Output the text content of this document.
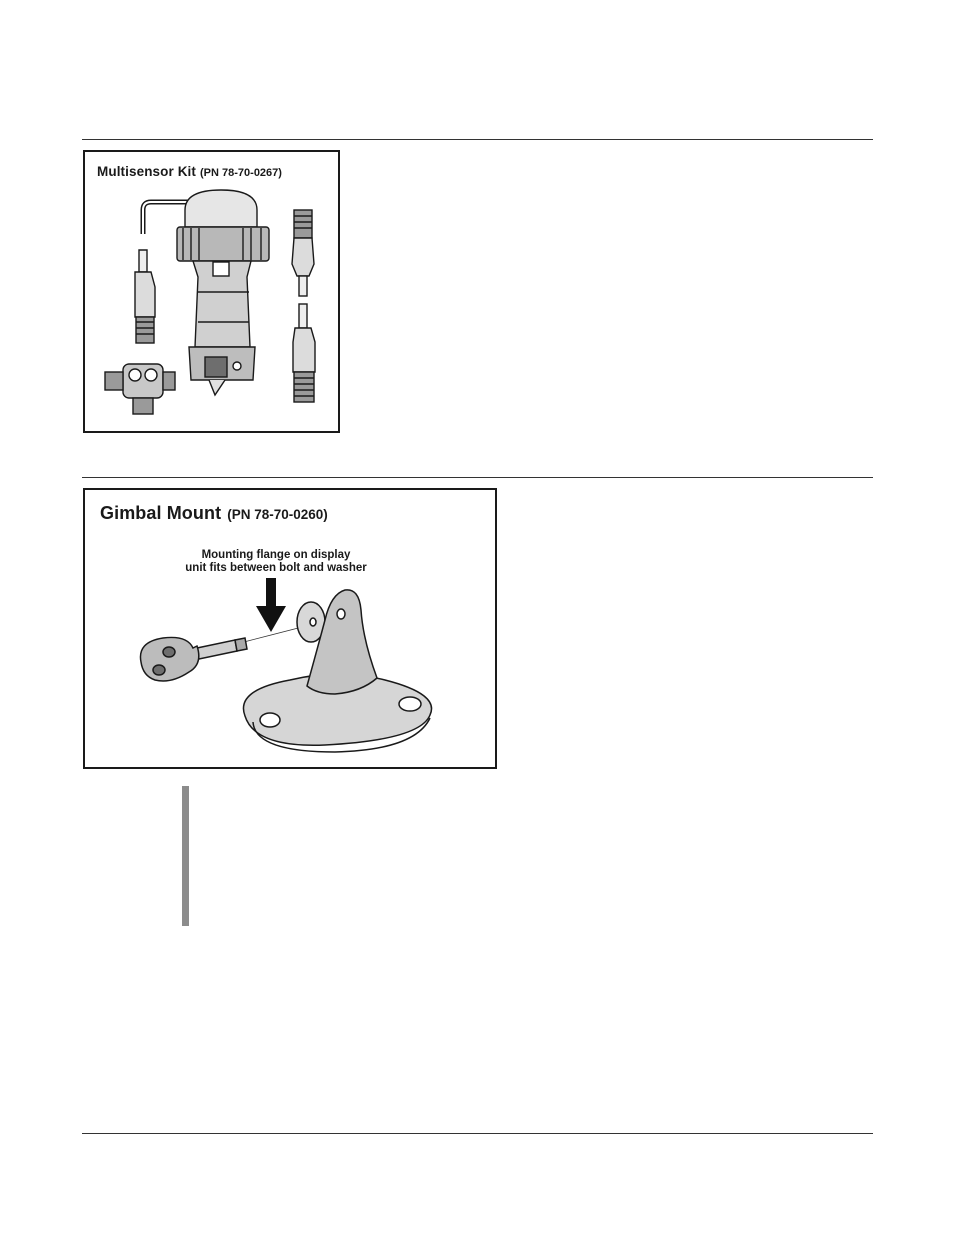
Multisensor Kit (PN 78-70-0267)
Gimbal Mount (PN 78-70-0260)
Mounting flange on display
unit fits between bolt and washer
